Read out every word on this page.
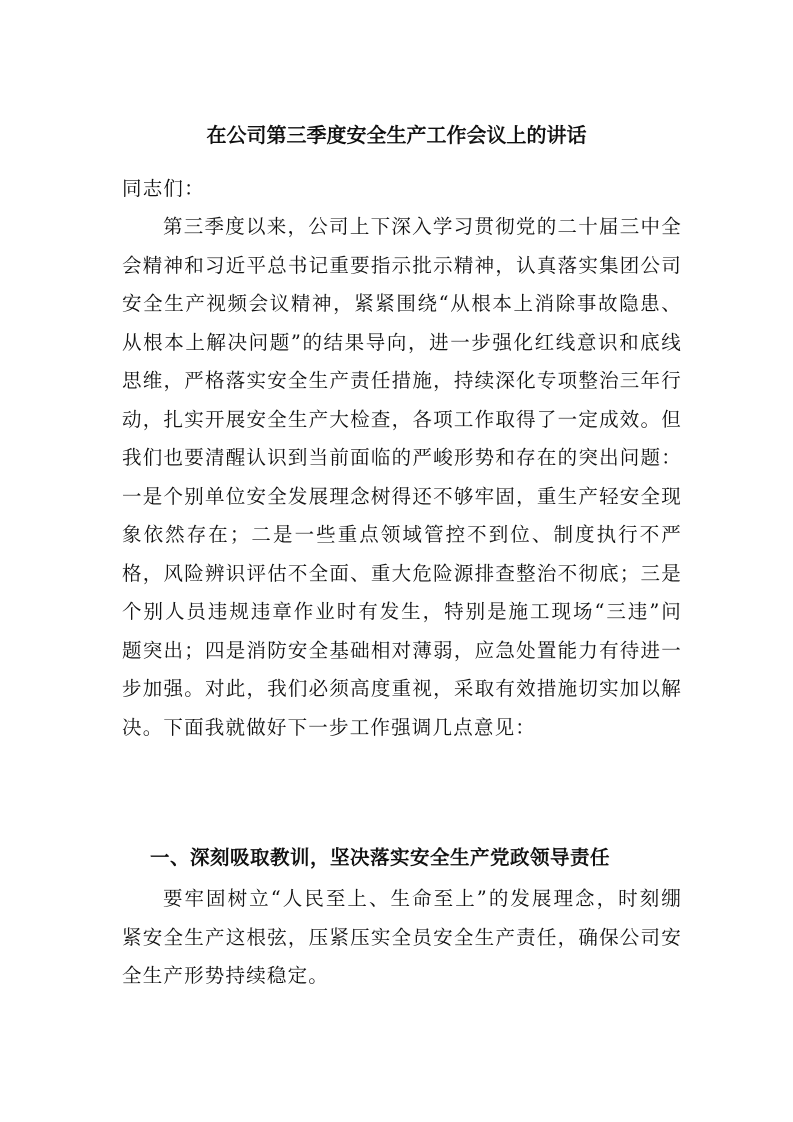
在公司第三季度安全生产工作会议上的讲话
同志们：
第三季度以来，公司上下深入学习贯彻党的二十届三中全会精神和习近平总书记重要指示批示精神，认真落实集团公司安全生产视频会议精神，紧紧围绕“从根本上消除事故隐患、从根本上解决问题”的结果导向，进一步强化红线意识和底线思维，严格落实安全生产责任措施，持续深化专项整治三年行动，扎实开展安全生产大检查，各项工作取得了一定成效。但我们也要清醒认识到当前面临的严峻形势和存在的突出问题：一是个别单位安全发展理念树得还不够牢固，重生产轻安全现象依然存在；二是一些重点领域管控不到位、制度执行不严格，风险辨识评估不全面、重大危险源排查整治不彻底；三是个别人员违规违章作业时有发生，特别是施工现场“三违”问题突出；四是消防安全基础相对薄弱，应急处置能力有待进一步加强。对此，我们必须高度重视，采取有效措施切实加以解决。下面我就做好下一步工作强调几点意见：
一、深刻吸取教训，坚决落实安全生产党政领导责任
要牢固树立“人民至上、生命至上”的发展理念，时刻绷紧安全生产这根弦，压紧压实全员安全生产责任，确保公司安全生产形势持续稳定。
